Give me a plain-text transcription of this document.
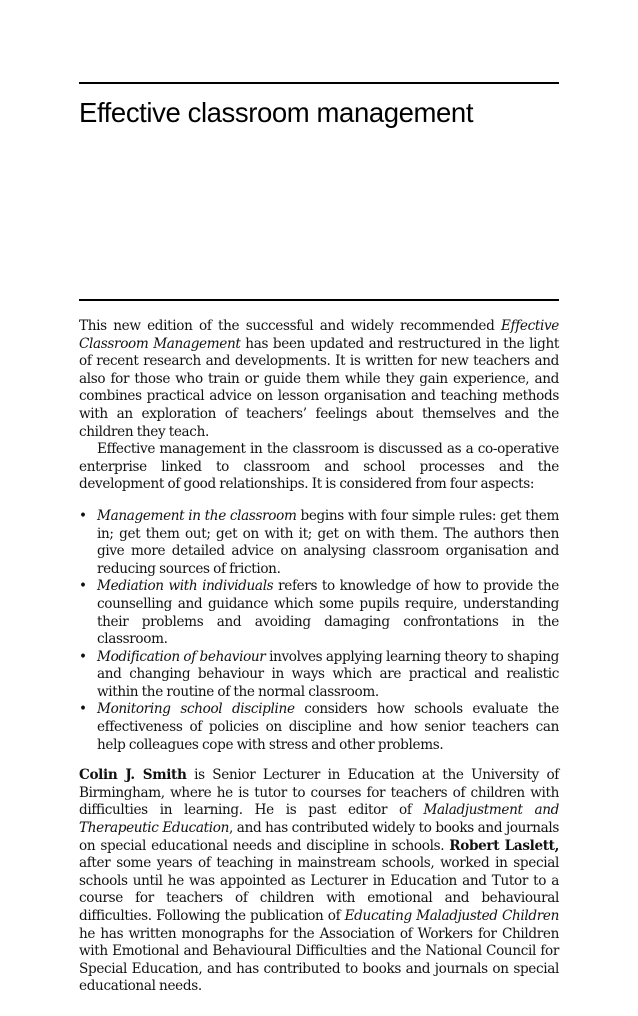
Effective classroom management

This new edition of the successful and widely recommended Effective Classroom Management has been updated and restructured in the light of recent research and developments. It is written for new teachers and also for those who train or guide them while they gain experience, and combines practical advice on lesson organisation and teaching methods with an exploration of teachers’ feelings about themselves and the children they teach.

Effective management in the classroom is discussed as a co-operative enterprise linked to classroom and school processes and the development of good relationships. It is considered from four aspects:

• Management in the classroom begins with four simple rules: get them in; get them out; get on with it; get on with them. The authors then give more detailed advice on analysing classroom organisation and reducing sources of friction.
• Mediation with individuals refers to knowledge of how to provide the counselling and guidance which some pupils require, understanding their problems and avoiding damaging confrontations in the classroom.
• Modification of behaviour involves applying learning theory to shaping and changing behaviour in ways which are practical and realistic within the routine of the normal classroom.
• Monitoring school discipline considers how schools evaluate the effectiveness of policies on discipline and how senior teachers can help colleagues cope with stress and other problems.

Colin J. Smith is Senior Lecturer in Education at the University of Birmingham, where he is tutor to courses for teachers of children with difficulties in learning. He is past editor of Maladjustment and Therapeutic Education, and has contributed widely to books and journals on special educational needs and discipline in schools. Robert Laslett, after some years of teaching in mainstream schools, worked in special schools until he was appointed as Lecturer in Education and Tutor to a course for teachers of children with emotional and behavioural difficulties. Following the publication of Educating Maladjusted Children he has written monographs for the Association of Workers for Children with Emotional and Behavioural Difficulties and the National Council for Special Education, and has contributed to books and journals on special educational needs.
